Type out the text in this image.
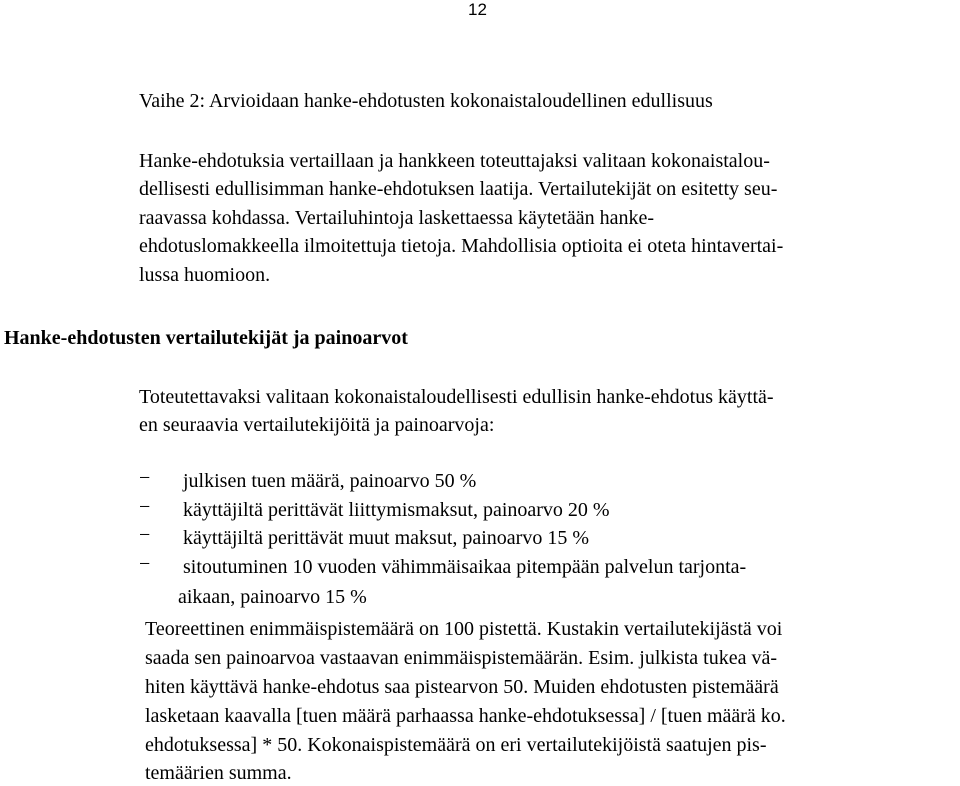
12
Vaihe 2: Arvioidaan hanke-ehdotusten kokonaistaloudellinen edullisuus
Hanke-ehdotuksia vertaillaan ja hankkeen toteuttajaksi valitaan kokonaistalou-
dellisesti edullisimman hanke-ehdotuksen laatija. Vertailutekijät on esitetty seu-
raavassa kohdassa. Vertailuhintoja laskettaessa käytetään hanke-
ehdotuslomakkeella ilmoitettuja tietoja. Mahdollisia optioita ei oteta hintavertai-
lussa huomioon.
Hanke-ehdotusten vertailutekijät ja painoarvot
Toteutettavaksi valitaan kokonaistaloudellisesti edullisin hanke-ehdotus käyttä-
en seuraavia vertailutekijöitä ja painoarvoja:
− julkisen tuen määrä, painoarvo 50 %
− käyttäjiltä perittävät liittymismaksut, painoarvo 20 %
− käyttäjiltä perittävät muut maksut, painoarvo 15 %
− sitoutuminen 10 vuoden vähimmäisaikaa pitempään palvelun tarjonta-
aikaan, painoarvo 15 %
Teoreettinen enimmäispistemäärä on 100 pistettä. Kustakin vertailutekijästä voi
saada sen painoarvoa vastaavan enimmäispistemäärän. Esim. julkista tukea vä-
hiten käyttävä hanke-ehdotus saa pistearvon 50. Muiden ehdotusten pistemäärä
lasketaan kaavalla [tuen määrä parhaassa hanke-ehdotuksessa] / [tuen määrä ko.
ehdotuksessa] * 50. Kokonaispistemäärä on eri vertailutekijöistä saatujen pis-
temäärien summa.
